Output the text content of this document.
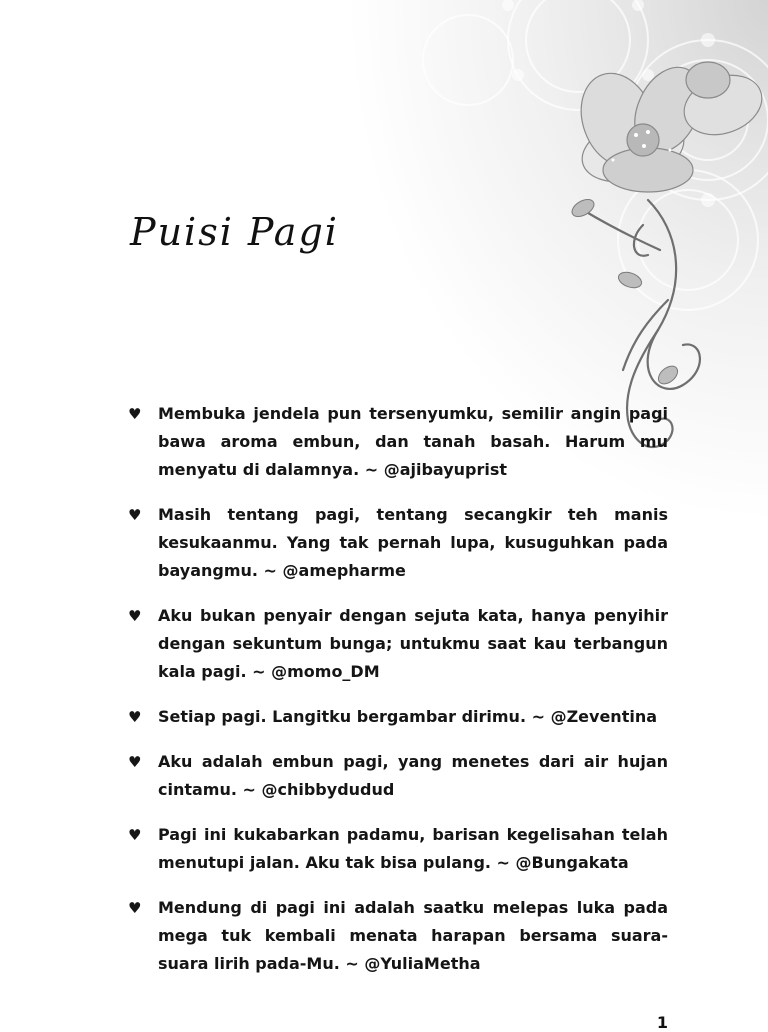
Puisi Pagi
♥ Membuka jendela pun tersenyumku, semilir angin pagi bawa aroma embun, dan tanah basah. Harum mu menyatu di dalamnya. ~ @ajibayuprist
♥ Masih tentang pagi, tentang secangkir teh manis kesukaanmu. Yang tak pernah lupa, kusuguhkan pada bayangmu. ~ @amepharme
♥ Aku bukan penyair dengan sejuta kata, hanya penyihir dengan sekuntum bunga; untukmu saat kau terbangun kala pagi. ~ @momo_DM
♥ Setiap pagi. Langitku bergambar dirimu. ~ @Zeventina
♥ Aku adalah embun pagi, yang menetes dari air hujan cintamu. ~ @chibbydudud
♥ Pagi ini kukabarkan padamu, barisan kegelisahan telah menutupi jalan. Aku tak bisa pulang. ~ @Bungakata
♥ Mendung di pagi ini adalah saatku melepas luka pada mega tuk kembali menata harapan bersama suara-suara lirih pada-Mu. ~ @YuliaMetha
1
